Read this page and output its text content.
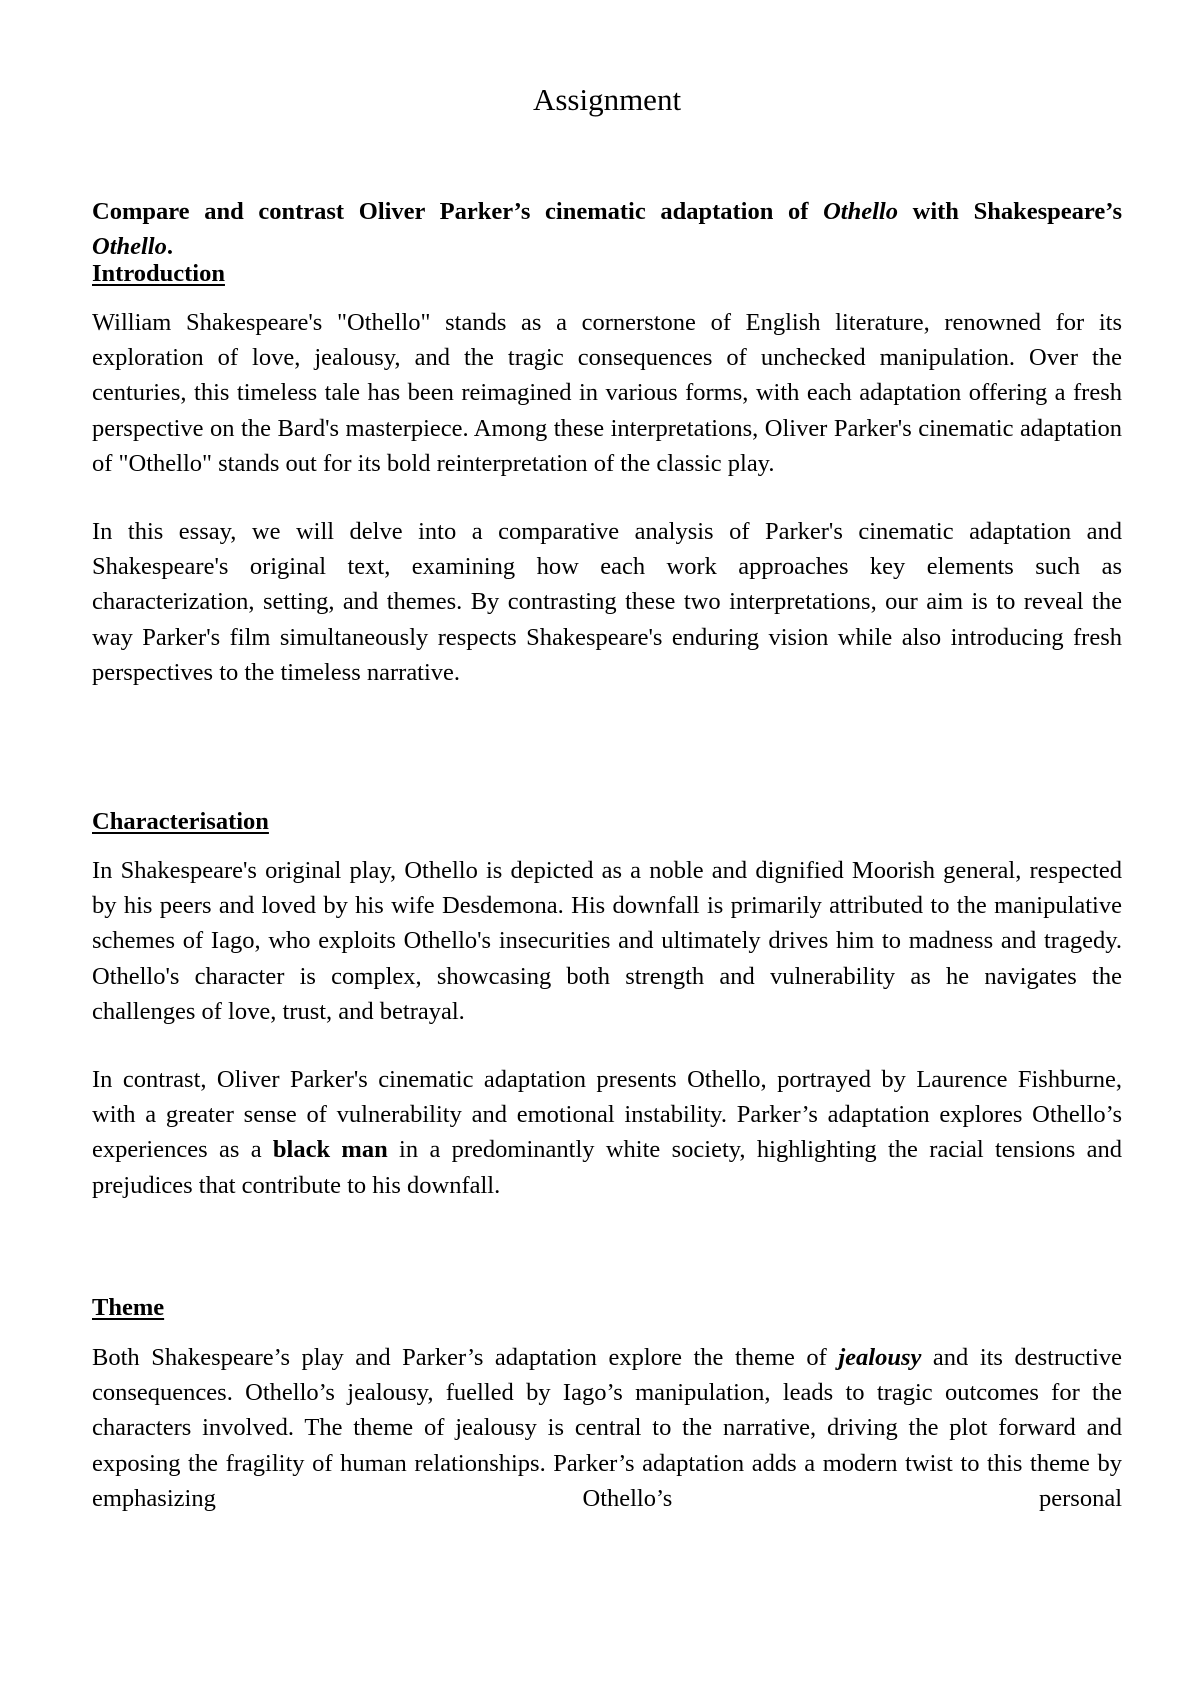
Assignment

Compare and contrast Oliver Parker’s cinematic adaptation of Othello with Shakespeare’s Othello.

Introduction

William Shakespeare's "Othello" stands as a cornerstone of English literature, renowned for its exploration of love, jealousy, and the tragic consequences of unchecked manipulation. Over the centuries, this timeless tale has been reimagined in various forms, with each adaptation offering a fresh perspective on the Bard's masterpiece. Among these interpretations, Oliver Parker's cinematic adaptation of "Othello" stands out for its bold reinterpretation of the classic play.

In this essay, we will delve into a comparative analysis of Parker's cinematic adaptation and Shakespeare's original text, examining how each work approaches key elements such as characterization, setting, and themes. By contrasting these two interpretations, our aim is to reveal the way Parker's film simultaneously respects Shakespeare's enduring vision while also introducing fresh perspectives to the timeless narrative.

Characterisation

In Shakespeare's original play, Othello is depicted as a noble and dignified Moorish general, respected by his peers and loved by his wife Desdemona. His downfall is primarily attributed to the manipulative schemes of Iago, who exploits Othello's insecurities and ultimately drives him to madness and tragedy. Othello's character is complex, showcasing both strength and vulnerability as he navigates the challenges of love, trust, and betrayal.

In contrast, Oliver Parker's cinematic adaptation presents Othello, portrayed by Laurence Fishburne, with a greater sense of vulnerability and emotional instability. Parker’s adaptation explores Othello’s experiences as a black man in a predominantly white society, highlighting the racial tensions and prejudices that contribute to his downfall.

Theme

Both Shakespeare’s play and Parker’s adaptation explore the theme of jealousy and its destructive consequences. Othello’s jealousy, fuelled by Iago’s manipulation, leads to tragic outcomes for the characters involved. The theme of jealousy is central to the narrative, driving the plot forward and exposing the fragility of human relationships. Parker’s adaptation adds a modern twist to this theme by emphasizing Othello’s personal
